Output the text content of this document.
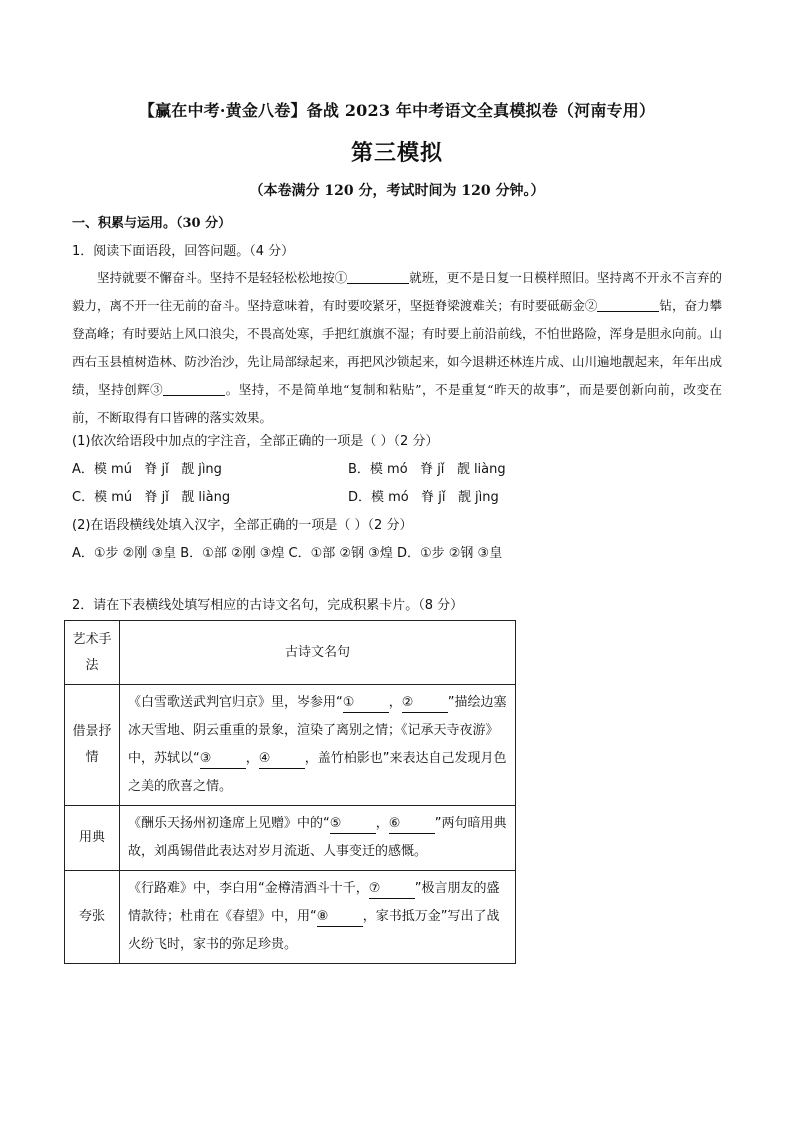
【赢在中考·黄金八卷】备战 2023 年中考语文全真模拟卷（河南专用）
第三模拟
（本卷满分 120 分，考试时间为 120 分钟。）
一、积累与运用。（30 分）
1．阅读下面语段，回答问题。（4 分）
坚持就要不懈奋斗。坚持不是轻轻松松地按①	就班，更不是日复一日模样照旧。坚持离不开永不言弃的毅力，离不开一往无前的奋斗。坚持意味着，有时要咬紧牙，坚挺脊梁渡难关；有时要砥砺金②	钻，奋力攀登高峰；有时要站上风口浪尖，不畏高处寒，手把红旗旗不湿；有时要上前沿前线，不怕世路险，浑身是胆永向前。山西右玉县植树造林、防沙治沙，先让局部绿起来，再把风沙锁起来，如今退耕还林连片成、山川遍地靓起来，年年出成绩，坚持创辉③	。坚持，不是简单地“复制和粘贴”，不是重复“昨天的故事”，而是要创新向前，改变在前，不断取得有口皆碑的落实效果。
(1)依次给语段中加点的字注音，全部正确的一项是（ ）（2 分）
A．模 mú   脊 jǐ   靓 jìng	B．模 mó   脊 jǐ   靓 liàng
C．模 mú   脊 jǐ   靓 liàng	D．模 mó   脊 jǐ   靓 jìng
(2)在语段横线处填入汉字，全部正确的一项是（ ）（2 分）
A．①步 ②刚 ③皇 B．①部 ②刚 ③煌 C．①部 ②钢 ③煌 D．①步 ②钢 ③皇
2．请在下表横线处填写相应的古诗文名句，完成积累卡片。（8 分）
艺术手法	古诗文名句
借景抒情	《白雪歌送武判官归京》里，岑参用“① ，② ”描绘边塞冰天雪地、阴云重重的景象，渲染了离别之情；《记承天寺夜游》中，苏轼以“③ ，④ ，盖竹柏影也”来表达自己发现月色之美的欣喜之情。
用典	《酬乐天扬州初逢席上见赠》中的“⑤ ，⑥ ”两句暗用典故，刘禹锡借此表达对岁月流逝、人事变迁的感慨。
夸张	《行路难》中，李白用“金樽清酒斗十千，⑦ ”极言朋友的盛情款待；杜甫在《春望》中，用“⑧ ，家书抵万金”写出了战火纷飞时，家书的弥足珍贵。
